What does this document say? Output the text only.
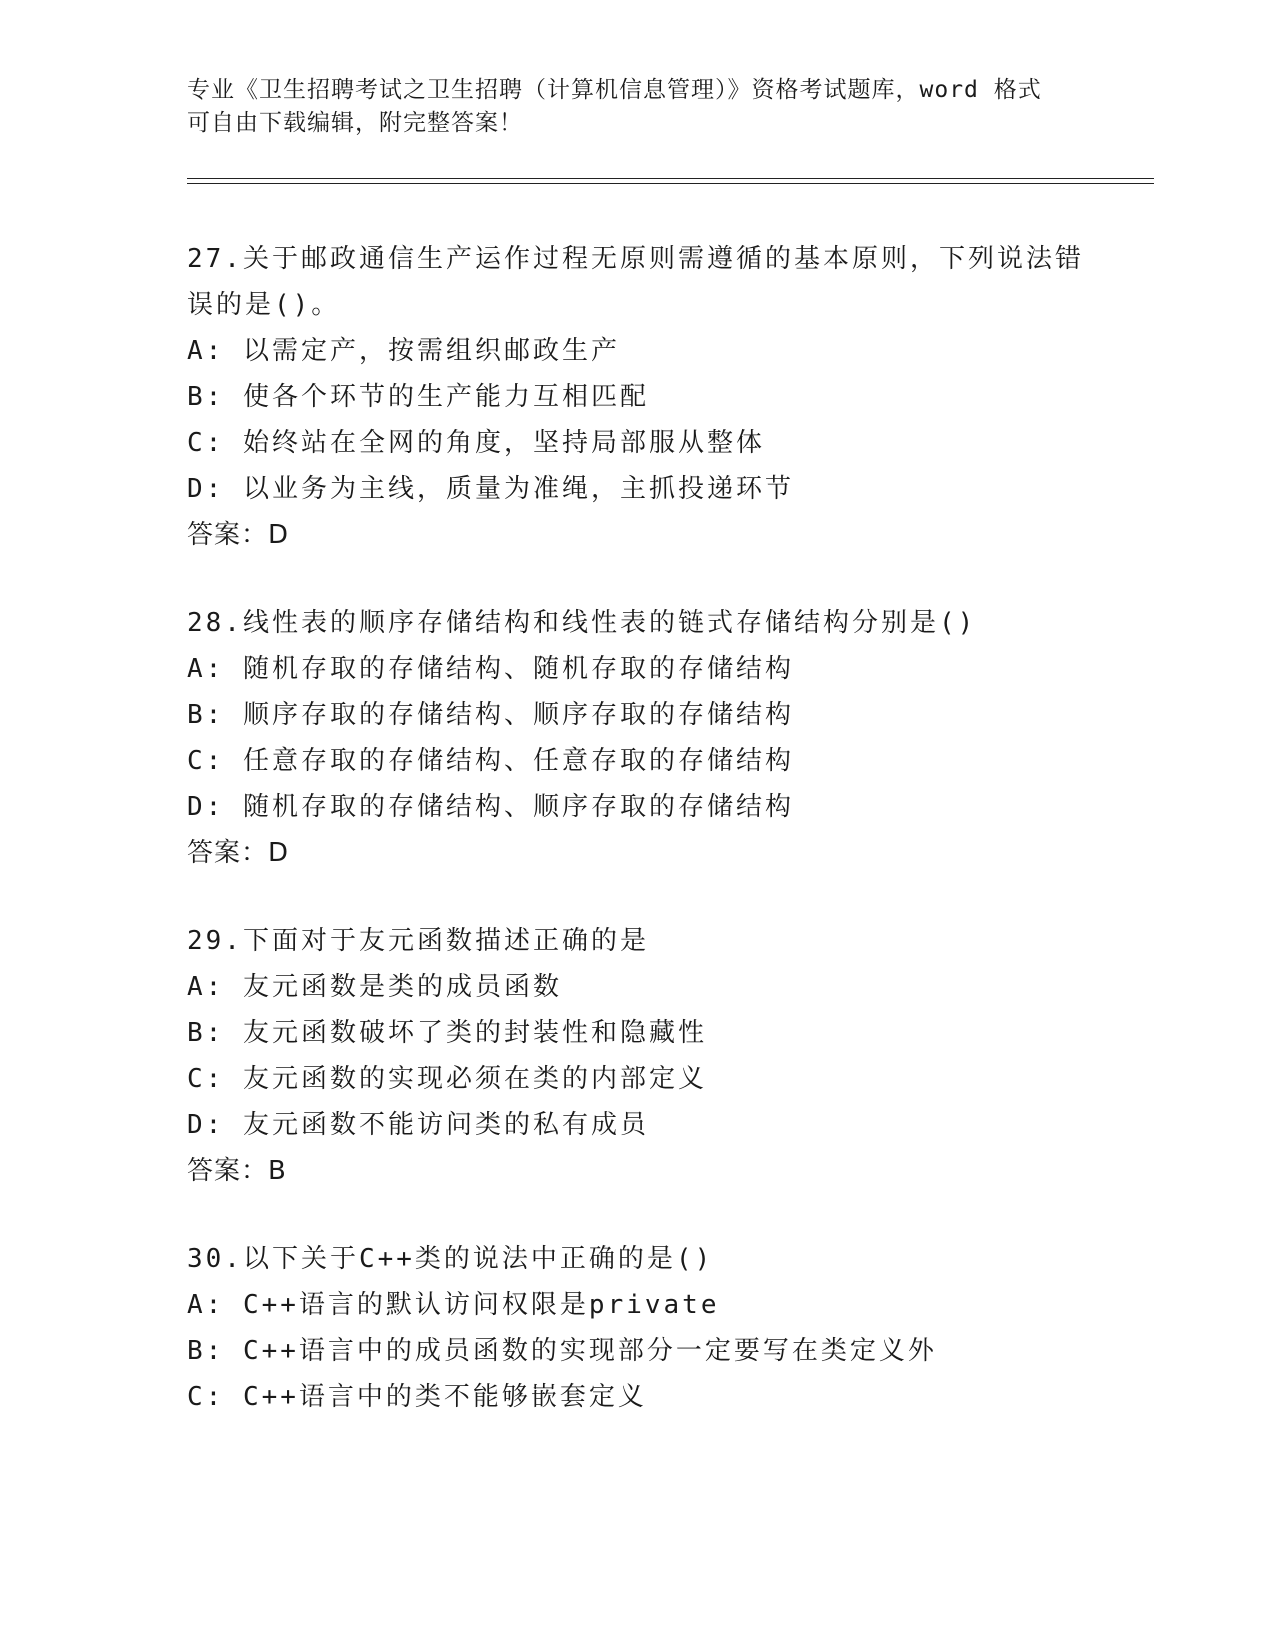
专业《卫生招聘考试之卫生招聘（计算机信息管理）》资格考试题库，word 格式

可自由下载编辑，附完整答案！

27.关于邮政通信生产运作过程无原则需遵循的基本原则，下列说法错
误的是()。

A: 以需定产，按需组织邮政生产

B: 使各个环节的生产能力互相匹配

C: 始终站在全网的角度，坚持局部服从整体

D: 以业务为主线，质量为准绳，主抓投递环节

答案：D

28.线性表的顺序存储结构和线性表的链式存储结构分别是()

A: 随机存取的存储结构、随机存取的存储结构

B: 顺序存取的存储结构、顺序存取的存储结构

C: 任意存取的存储结构、任意存取的存储结构

D: 随机存取的存储结构、顺序存取的存储结构

答案：D

29.下面对于友元函数描述正确的是

A: 友元函数是类的成员函数

B: 友元函数破坏了类的封装性和隐藏性

C: 友元函数的实现必须在类的内部定义

D: 友元函数不能访问类的私有成员

答案：B

30.以下关于C++类的说法中正确的是()

A: C++语言的默认访问权限是private

B: C++语言中的成员函数的实现部分一定要写在类定义外

C: C++语言中的类不能够嵌套定义
